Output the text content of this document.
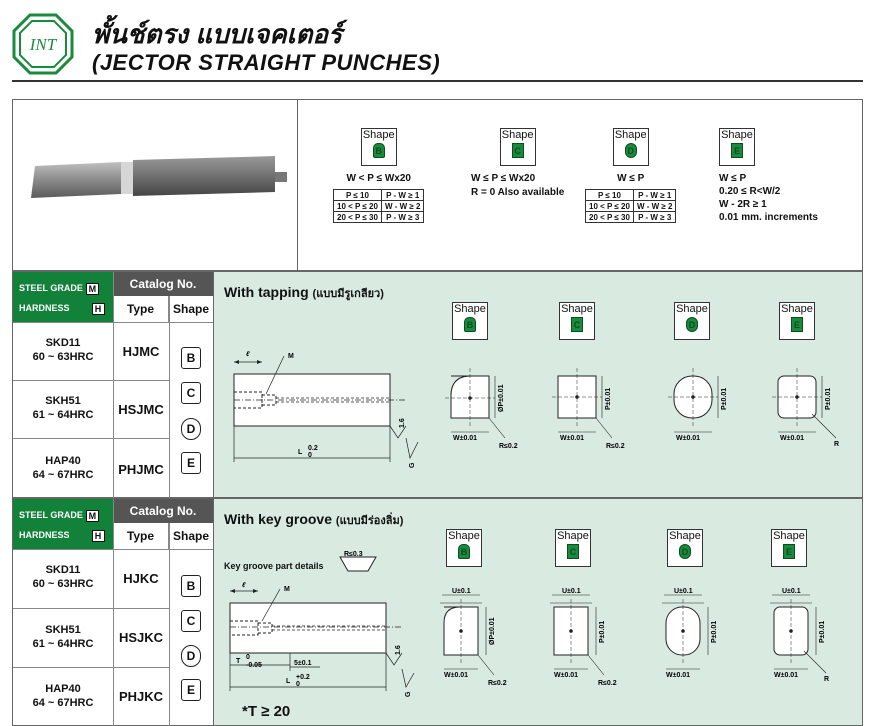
INT พั้นช์ตรง แบบเจคเตอร์
(JECTOR STRAIGHT PUNCHES)
Shape
B
W < P ≤ Wx20
P ≤ 10	P - W ≥ 1
10 < P ≤ 20	W - W ≥ 2
20 < P ≤ 30	P - W ≥ 3
Shape
C
W ≤ P ≤ Wx20
R = 0 Also available
Shape
D
W ≤ P
P ≤ 10	P - W ≥ 1
10 < P ≤ 20	W - W ≥ 2
20 < P ≤ 30	P - W ≥ 3
Shape
E
W ≤ P
0.20 ≤ R<W/2
W - 2R ≥ 1
0.01 mm. increments
STEEL GRADE M
HARDNESS	H
Catalog No.
Type	Shape
SKD11
60 ~ 63HRC	HJMC
SKH51
61 ~ 64HRC	HSJMC
HAP40
64 ~ 67HRC	PHJMC
B
C
D
E
With tapping (แบบมีรูเกลียว)
Shape
B
Shape
C
Shape
D
Shape
E
ℓ	M
L
0.2
0
1.6
G
ØP±0.01
W±0.01
R≤0.2
P±0.01
W±0.01
R≤0.2
P±0.01
W±0.01
P±0.01
W±0.01
R
STEEL GRADE M
HARDNESS	H
Catalog No.
Type	Shape
SKD11
60 ~ 63HRC	HJKC
SKH51
61 ~ 64HRC	HSJKC
HAP40
64 ~ 67HRC	PHJKC
B
C
D
E
With key groove (แบบมีร่องลิ่ม)
Shape
B
Shape
C
Shape
D
Shape
E
Key groove part details
R≤0.3
ℓ
M
T
0
-0.05	5±0.1
L
+0.2
0
1.6
G
U±0.1
ØP±0.01
W±0.01
R≤0.2
U±0.1
P±0.01
W±0.01
R≤0.2
U±0.1
P±0.01
W±0.01
U±0.1
P±0.01
W±0.01
R
*T ≥ 20
